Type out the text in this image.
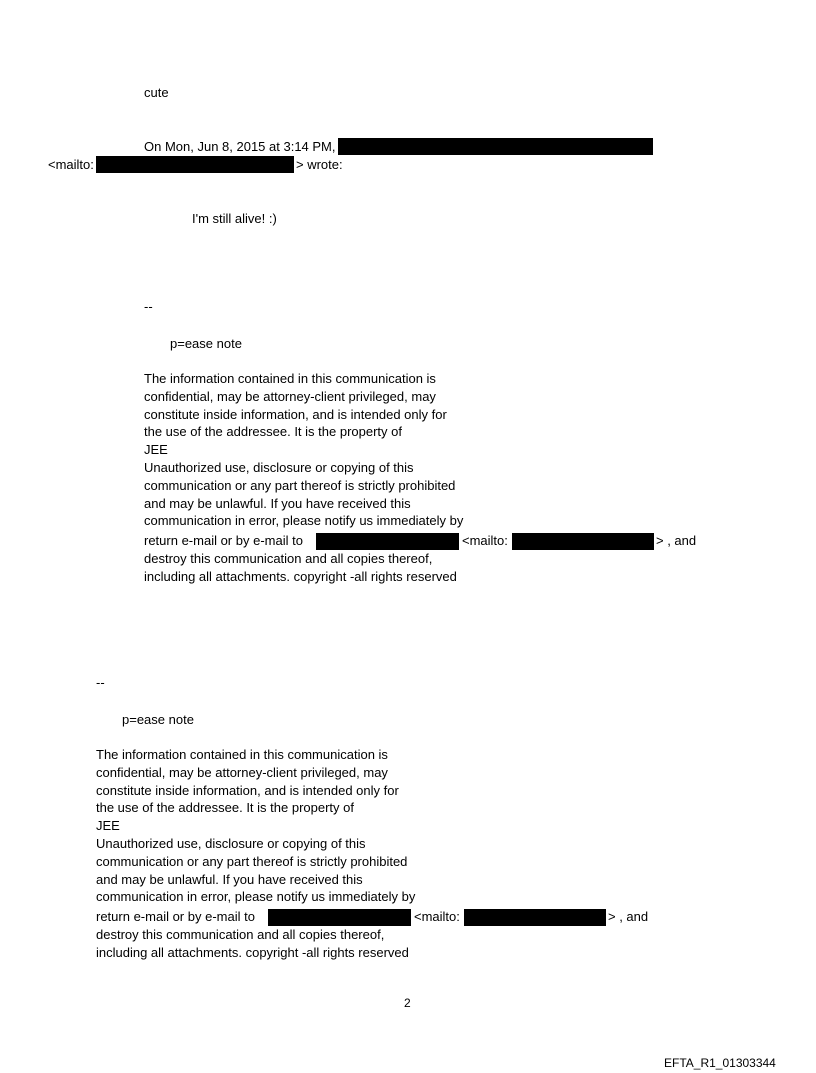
cute
On Mon, Jun 8, 2015 at 3:14 PM,
<mailto:	> wrote:
I'm still alive! :)
--
p=ease note
The information contained in this communication is
confidential, may be attorney-client privileged, may
constitute inside information, and is intended only for
the use of the addressee. It is the property of
JEE
Unauthorized use, disclosure or copying of this
communication or any part thereof is strictly prohibited
and may be unlawful. If you have received this
communication in error, please notify us immediately by
return e-mail or by e-mail to	<mailto:	> , and
destroy this communication and all copies thereof,
including all attachments. copyright -all rights reserved
--
p=ease note
The information contained in this communication is
confidential, may be attorney-client privileged, may
constitute inside information, and is intended only for
the use of the addressee. It is the property of
JEE
Unauthorized use, disclosure or copying of this
communication or any part thereof is strictly prohibited
and may be unlawful. If you have received this
communication in error, please notify us immediately by
return e-mail or by e-mail to	<mailto:	> , and
destroy this communication and all copies thereof,
including all attachments. copyright -all rights reserved
2
EFTA_R1_01303344
